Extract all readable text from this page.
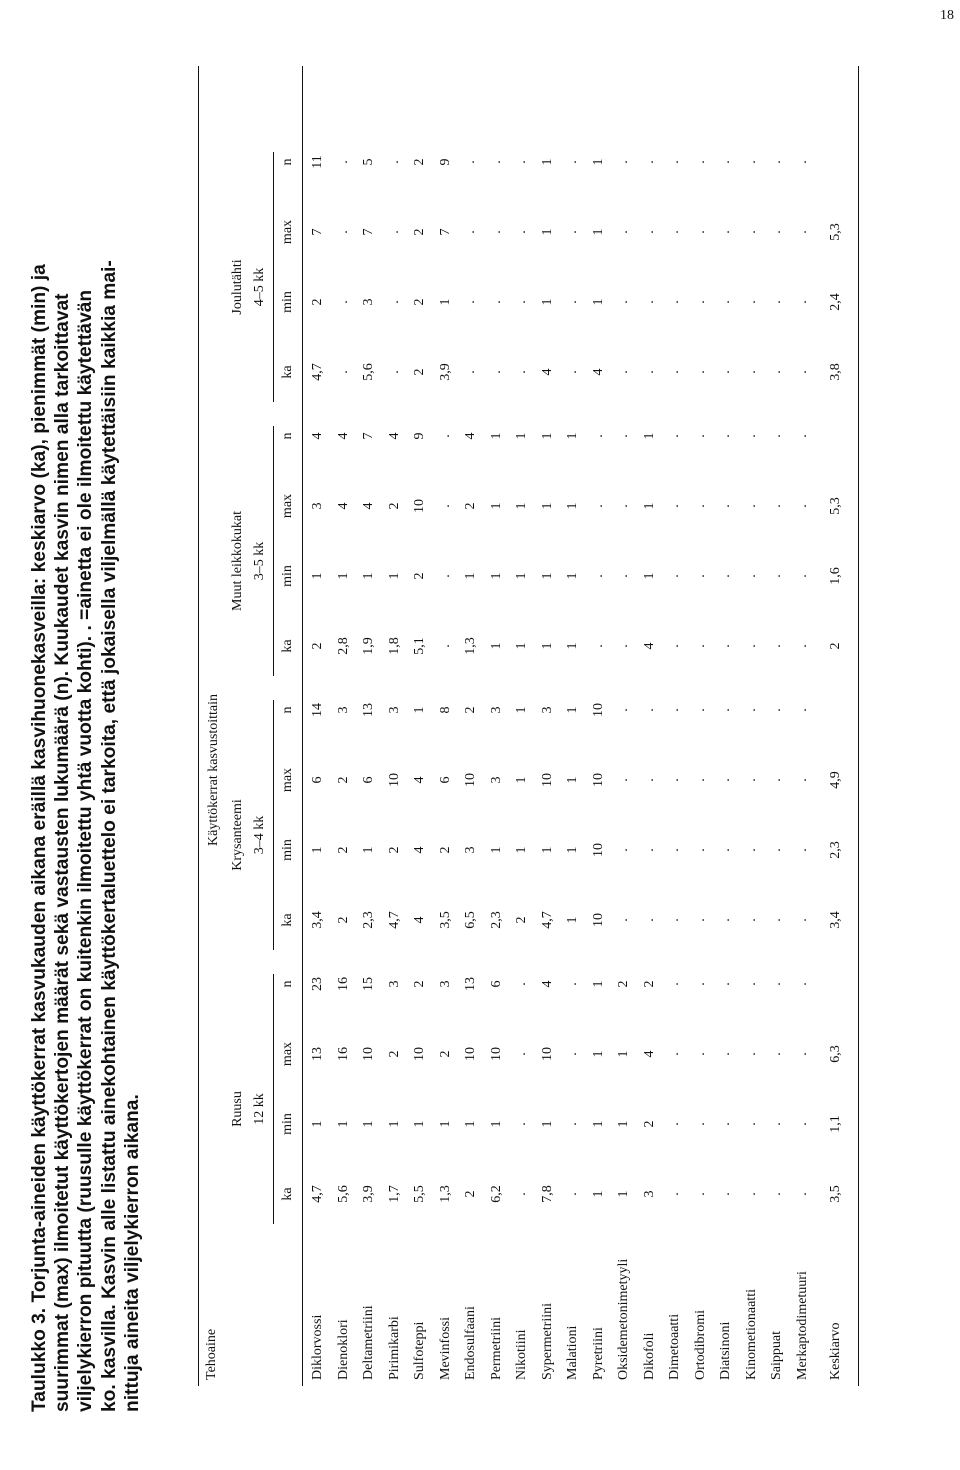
18
Taulukko 3. Torjunta-aineiden käyttökerrat kasvukauden aikana eräillä kasvihuonekasveilla: keskiarvo (ka), pienimmät (min) ja suurimmat (max) ilmoitetut käyttökertojen määrät sekä vastausten lukumäärä (n). Kuukaudet kasvin nimen alla tarkoittavat viljelykierron pituutta (ruusulle käyttökerrat on kuitenkin ilmoitettu yhtä vuotta kohti). . =ainetta ei ole ilmoitettu käytettävän ko. kasvilla. Kasvin alle listattu ainekohtainen käyttökertaluettelo ei tarkoita, että jokaisella viljelmällä käytettäisiin kaikkia mai- nittuja aineita viljelykierron aikana.	Tehoaine
Käyttökerrat kasvustoittain
Ruusu 12 kk
ka
min
max
n
Krysanteemi 3–4 kk
ka
min
max
n
Muut leikkokukat 3–5 kk
ka
min
max
n
Joulutähti 4–5 kk
ka
min
max
n
Diklorvossi
4,7
1
13
23
3,4
1
6
14
2
1
3
4
4,7
2
7
11
Dienoklori
5,6
1
16
16
2
2
2
3
2,8
1
4
4
.
.
.
.
Deltametriini
3,9
1
10
15
2,3
1
6
13
1,9
1
4
7
5,6
3
7
5
Pirimikarbi
1,7
1
2
3
4,7
2
10
3
1,8
1
2
4
.
.
.
.
Sulfoteppi
5,5
1
10
2
4
4
4
1
5,1
2
10
9
2
2
2
2
Mevinfossi
1,3
1
2
3
3,5
2
6
8
.
.
.
.
3,9
1
7
9
Endosulfaani
2
1
10
13
6,5
3
10
2
1,3
1
2
4
.
.
.
.
Permetriini
6,2
1
10
6
2,3
1
3
3
1
1
1
1
.
.
.
.
Nikotiini
.
.
.
.
2
1
1
1
1
1
1
1
.
.
.
.
Sypermetriini
7,8
1
10
4
4,7
1
10
3
1
1
1
1
4
1
1
1
Malationi
.
.
.
.
1
1
1
1
1
1
1
1
.
.
.
.
Pyretriini
1
1
1
1
10
10
10
10
.
.
.
.
4
1
1
1
Oksidemetonimetyyli
1
1
1
2
.
.
.
.
.
.
.
.
.
.
.
.
Dikofoli
3
2
4
2
.
.
.
.
4
1
1
1
.
.
.
.
Dimetoaatti
.
.
.
.
.
.
.
.
.
.
.
.
.
.
.
.
Ortodibromi
.
.
.
.
.
.
.
.
.
.
.
.
.
.
.
.
Diatsinoni
.
.
.
.
.
.
.
.
.
.
.
.
.
.
.
.
Kinometionaatti
.
.
.
.
.
.
.
.
.
.
.
.
.
.
.
.
Saippuat
.
.
.
.
.
.
.
.
.
.
.
.
.
.
.
.
Merkaptodimetuuri
.
.
.
.
.
.
.
.
.
.
.
.
.
.
.
.
Keskiarvo
3,5
1,1
6,3
3,4
2,3
4,9
2
1,6
5,3
3,8
2,4
5,3
